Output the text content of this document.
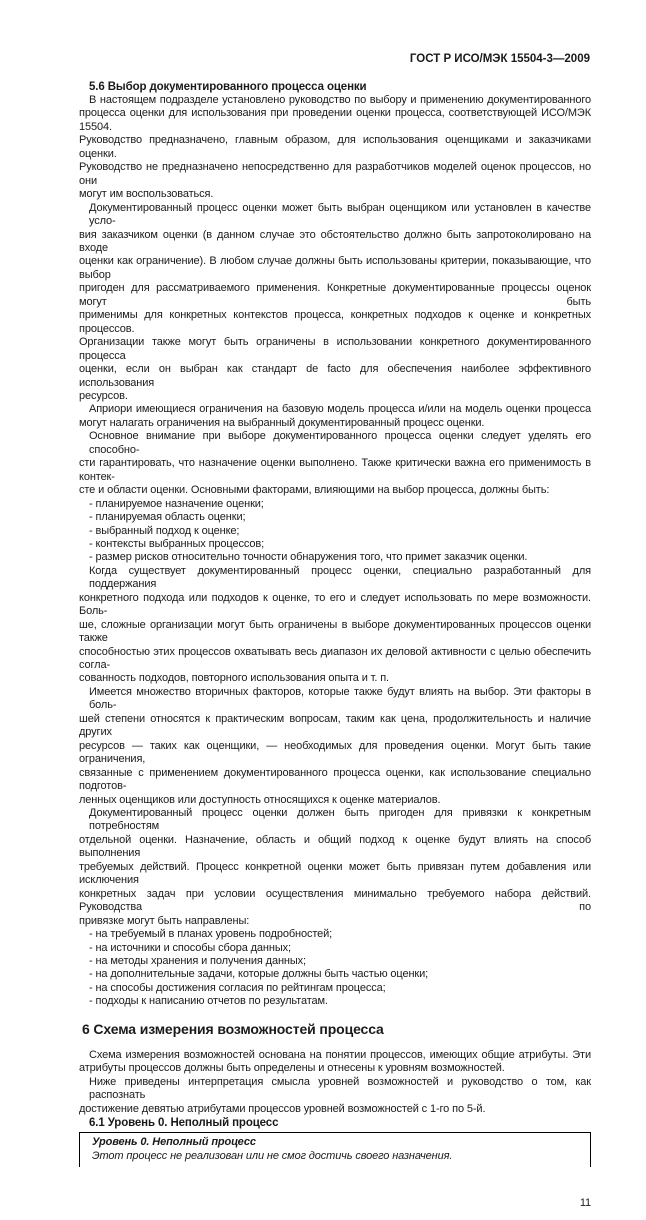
ГОСТ Р ИСО/МЭК 15504-3—2009
5.6 Выбор документированного процесса оценки
В настоящем подразделе установлено руководство по выбору и применению документированного
процесса оценки для использования при проведении оценки процесса, соответствующей ИСО/МЭК 15504.
Руководство предназначено, главным образом, для использования оценщиками и заказчиками оценки.
Руководство не предназначено непосредственно для разработчиков моделей оценок процессов, но они
могут им воспользоваться.
Документированный процесс оценки может быть выбран оценщиком или установлен в качестве усло-
вия заказчиком оценки (в данном случае это обстоятельство должно быть запротоколировано на входе
оценки как ограничение). В любом случае должны быть использованы критерии, показывающие, что выбор
пригоден для рассматриваемого применения. Конкретные документированные процессы оценок могут быть
применимы для конкретных контекстов процесса, конкретных подходов к оценке и конкретных процессов.
Организации также могут быть ограничены в использовании конкретного документированного процесса
оценки, если он выбран как стандарт de facto для обеспечения наиболее эффективного использования
ресурсов.
Априори имеющиеся ограничения на базовую модель процесса и/или на модель оценки процесса
могут налагать ограничения на выбранный документированный процесс оценки.
Основное внимание при выборе документированного процесса оценки следует уделять его способно-
сти гарантировать, что назначение оценки выполнено. Также критически важна его применимость в контек-
сте и области оценки. Основными факторами, влияющими на выбор процесса, должны быть:
- планируемое назначение оценки;
- планируемая область оценки;
- выбранный подход к оценке;
- контексты выбранных процессов;
- размер рисков относительно точности обнаружения того, что примет заказчик оценки.
Когда существует документированный процесс оценки, специально разработанный для поддержания
конкретного подхода или подходов к оценке, то его и следует использовать по мере возможности. Боль-
ше, сложные организации могут быть ограничены в выборе документированных процессов оценки также
способностью этих процессов охватывать весь диапазон их деловой активности с целью обеспечить согла-
сованность подходов, повторного использования опыта и т. п.
Имеется множество вторичных факторов, которые также будут влиять на выбор. Эти факторы в боль-
шей степени относятся к практическим вопросам, таким как цена, продолжительность и наличие других
ресурсов — таких как оценщики, — необходимых для проведения оценки. Могут быть такие ограничения,
связанные с применением документированного процесса оценки, как использование специально подготов-
ленных оценщиков или доступность относящихся к оценке материалов.
Документированный процесс оценки должен быть пригоден для привязки к конкретным потребностям
отдельной оценки. Назначение, область и общий подход к оценке будут влиять на способ выполнения
требуемых действий. Процесс конкретной оценки может быть привязан путем добавления или исключения
конкретных задач при условии осуществления минимально требуемого набора действий. Руководства по
привязке могут быть направлены:
- на требуемый в планах уровень подробностей;
- на источники и способы сбора данных;
- на методы хранения и получения данных;
- на дополнительные задачи, которые должны быть частью оценки;
- на способы достижения согласия по рейтингам процесса;
- подходы к написанию отчетов по результатам.
6 Схема измерения возможностей процесса
Схема измерения возможностей основана на понятии процессов, имеющих общие атрибуты. Эти
атрибуты процессов должны быть определены и отнесены к уровням возможностей.
Ниже приведены интерпретация смысла уровней возможностей и руководство о том, как распознать
достижение девятью атрибутами процессов уровней возможностей с 1-го по 5-й.
6.1 Уровень 0. Неполный процесс
Уровень 0. Неполный процесс
Этот процесс не реализован или не смог достичь своего назначения.
11
